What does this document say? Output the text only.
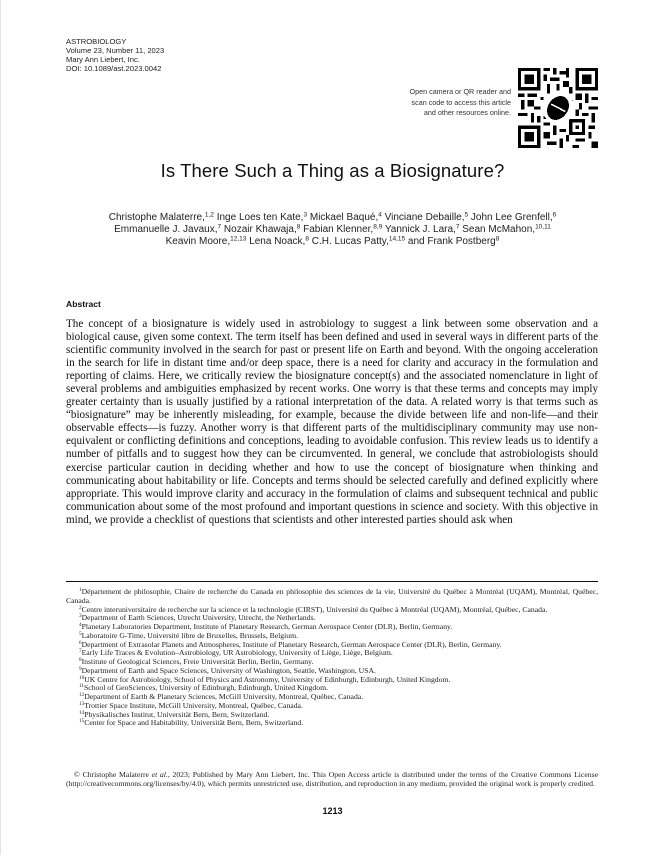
ASTROBIOLOGY
Volume 23, Number 11, 2023
Mary Ann Liebert, Inc.
DOI: 10.1089/ast.2023.0042
Open camera or QR reader and
scan code to access this article
and other resources online.
Is There Such a Thing as a Biosignature?
Christophe Malaterre,$^{1,2}$ Inge Loes ten Kate,$^3$ Mickael Baqué,$^4$ Vinciane Debaille,$^5$ John Lee Grenfell,$^6$
Emmanuelle J. Javaux,$^7$ Nozair Khawaja,$^8$ Fabian Klenner,$^{8,9}$ Yannick J. Lara,$^7$ Sean McMahon,$^{10,11}$
Keavin Moore,$^{12,13}$ Lena Noack,$^8$ C.H. Lucas Patty,$^{14,15}$ and Frank Postberg$^8$
Abstract

The concept of a biosignature is widely used in astrobiology to suggest a link between some observation and a biological cause, given some context. The term itself has been defined and used in several ways in different parts of the scientific community involved in the search for past or present life on Earth and beyond. With the ongoing acceleration in the search for life in distant time and/or deep space, there is a need for clarity and accuracy in the formulation and reporting of claims. Here, we critically review the biosignature concept(s) and the associated nomenclature in light of several problems and ambiguities emphasized by recent works. One worry is that these terms and concepts may imply greater certainty than is usually justified by a rational interpretation of the data. A related worry is that terms such as “biosignature” may be inherently misleading, for example, because the divide between life and non-life—and their observable effects—is fuzzy. Another worry is that different parts of the multidisciplinary community may use non-equivalent or conflicting definitions and conceptions, leading to avoidable confusion. This review leads us to identify a number of pitfalls and to suggest how they can be circumvented. In general, we conclude that astrobiologists should exercise particular caution in deciding whether and how to use the concept of biosignature when thinking and communicating about habitability or life. Concepts and terms should be selected carefully and defined explicitly where appropriate. This would improve clarity and accuracy in the formulation of claims and subsequent technical and public communication about some of the most profound and important questions in science and society. With this objective in mind, we provide a checklist of questions that scientists and other interested parties should ask when

$^1$Département de philosophie, Chaire de recherche du Canada en philosophie des sciences de la vie, Université du Québec à Montréal (UQAM), Montréal, Québec, Canada.
$^2$Centre interuniversitaire de recherche sur la science et la technologie (CIRST), Université du Québec à Montréal (UQAM), Montréal, Québec, Canada.
$^3$Department of Earth Sciences, Utrecht University, Utrecht, the Netherlands.
$^4$Planetary Laboratories Department, Institute of Planetary Research, German Aerospace Center (DLR), Berlin, Germany.
$^5$Laboratoire G-Time, Université libre de Bruxelles, Brussels, Belgium.
$^6$Department of Extrasolar Planets and Atmospheres, Institute of Planetary Research, German Aerospace Center (DLR), Berlin, Germany.
$^7$Early Life Traces & Evolution–Astrobiology, UR Astrobiology, University of Liège, Liège, Belgium.
$^8$Institute of Geological Sciences, Freie Universität Berlin, Berlin, Germany.
$^9$Department of Earth and Space Sciences, University of Washington, Seattle, Washington, USA.
$^{10}$UK Centre for Astrobiology, School of Physics and Astronomy, University of Edinburgh, Edinburgh, United Kingdom.
$^{11}$School of GeoSciences, University of Edinburgh, Edinburgh, United Kingdom.
$^{12}$Department of Earth & Planetary Sciences, McGill University, Montreal, Québec, Canada.
$^{13}$Trottier Space Institute, McGill University, Montreal, Québec, Canada.
$^{14}$Physikalisches Institut, Universität Bern, Bern, Switzerland.
$^{15}$Center for Space and Habitability, Universität Bern, Bern, Switzerland.
© Christophe Malaterre et al., 2023; Published by Mary Ann Liebert, Inc. This Open Access article is distributed under the terms of the Creative Commons License (http://creativecommons.org/licenses/by/4.0), which permits unrestricted use, distribution, and reproduction in any medium, provided the original work is properly credited.
1213
